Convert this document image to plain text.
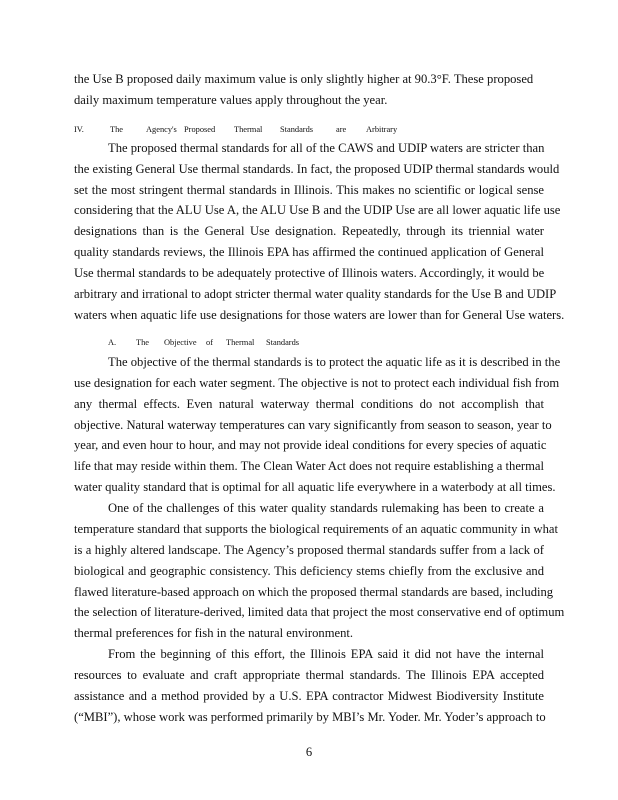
the Use B proposed daily maximum value is only slightly higher at 90.3°F. These proposed
daily maximum temperature values apply throughout the year.
IV.	The	Agency's Proposed Thermal Standards	are Arbitrary
The proposed thermal standards for all of the CAWS and UDIP waters are stricter than
the existing General Use thermal standards. In fact, the proposed UDIP thermal standards would
set the most stringent thermal standards in Illinois. This makes no scientific or logical sense
considering that the ALU Use A, the ALU Use B and the UDIP Use are all lower aquatic life use
designations than is the General Use designation. Repeatedly, through its triennial water
quality standards reviews, the Illinois EPA has affirmed the continued application of General
Use thermal standards to be adequately protective of Illinois waters. Accordingly, it would be
arbitrary and irrational to adopt stricter thermal water quality standards for the Use B and UDIP
waters when aquatic life use designations for those waters are lower than for General Use waters.
A. The Objective of Thermal Standards
The objective of the thermal standards is to protect the aquatic life as it is described in the
use designation for each water segment. The objective is not to protect each individual fish from
any thermal effects. Even natural waterway thermal conditions do not accomplish that
objective. Natural waterway temperatures can vary significantly from season to season, year to
year, and even hour to hour, and may not provide ideal conditions for every species of aquatic
life that may reside within them. The Clean Water Act does not require establishing a thermal
water quality standard that is optimal for all aquatic life everywhere in a waterbody at all times.
One of the challenges of this water quality standards rulemaking has been to create a
temperature standard that supports the biological requirements of an aquatic community in what
is a highly altered landscape. The Agency’s proposed thermal standards suffer from a lack of
biological and geographic consistency. This deficiency stems chiefly from the exclusive and
flawed literature-based approach on which the proposed thermal standards are based, including
the selection of literature-derived, limited data that project the most conservative end of optimum
thermal preferences for fish in the natural environment.
From the beginning of this effort, the Illinois EPA said it did not have the internal
resources to evaluate and craft appropriate thermal standards. The Illinois EPA accepted
assistance and a method provided by a U.S. EPA contractor Midwest Biodiversity Institute
(“MBI”), whose work was performed primarily by MBI’s Mr. Yoder. Mr. Yoder’s approach to
6
